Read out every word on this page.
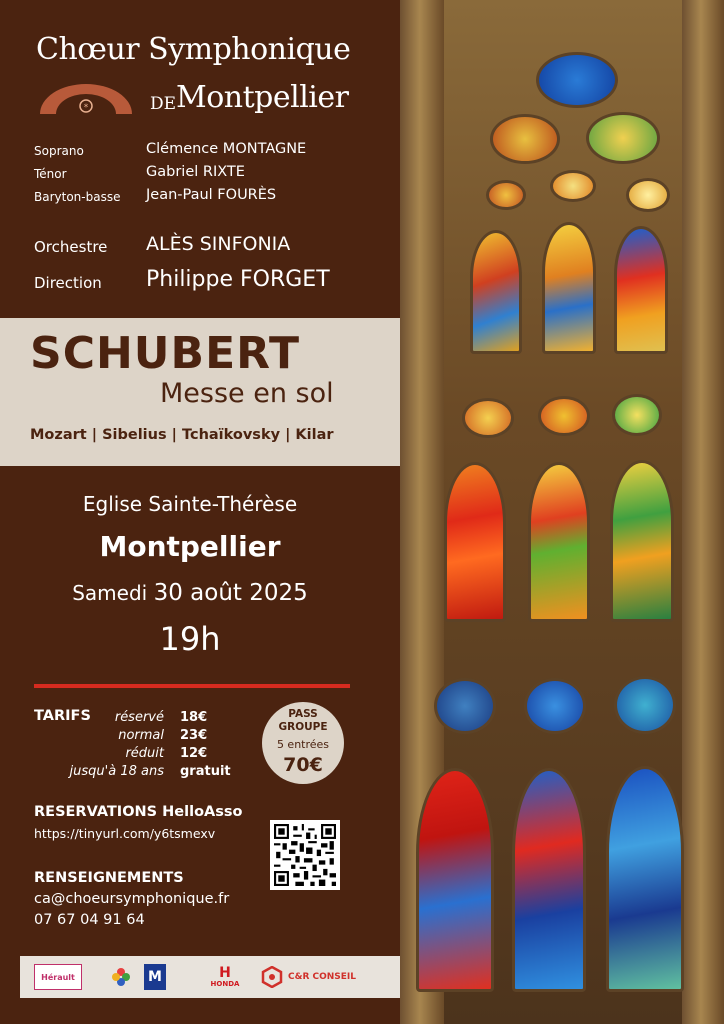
Chœur Symphonique
*	DE Montpellier
Soprano	Clémence MONTAGNE
Ténor	Gabriel RIXTE
Baryton-basse Jean-Paul FOURÈS
Orchestre ALÈS SINFONIA
Direction Philippe FORGET
SCHUBERT
Messe en sol
Mozart | Sibelius | Tchaïkovsky | Kilar
Eglise Sainte-Thérèse
Montpellier
Samedi 30 août 2025
19h
TARIFS	réservé 18€
normal 23€
réduit 12€
jusqu'à 18 ans gratuit
PASS
GROUPE
5 entrées
70€
RESERVATIONS HelloAsso
https://tinyurl.com/y6tsmexv
RENSEIGNEMENTS
ca@choeursymphonique.fr
07 67 04 91 64
Hérault	M	H
HONDA
C&R CONSEIL
